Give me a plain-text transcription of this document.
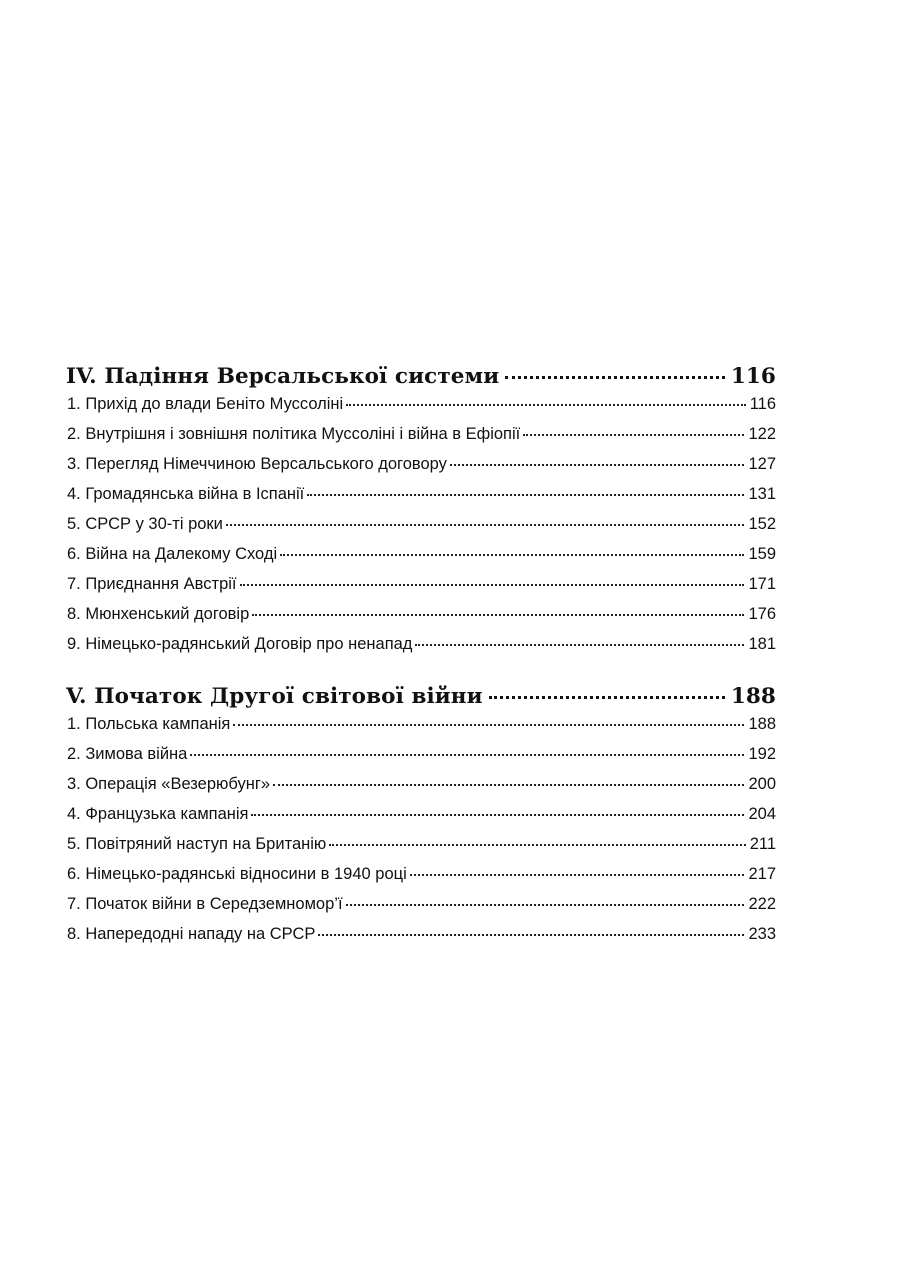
IV. Падіння Версальської системи	116
1. Прихід до влади Беніто Муссоліні	116
2. Внутрішня і зовнішня політика Муссоліні і війна в Ефіопії	122
3. Перегляд Німеччиною Версальського договору	127
4. Громадянська війна в Іспанії	131
5. СРСР у 30-ті роки	152
6. Війна на Далекому Сході	159
7. Приєднання Австрії	171
8. Мюнхенський договір	176
9. Німецько-радянський Договір про ненапад	181
V. Початок Другої світової війни	188
1. Польська кампанія	188
2. Зимова війна	192
3. Операція «Везерюбунг»	200
4. Французька кампанія	204
5. Повітряний наступ на Британію	211
6. Німецько-радянські відносини в 1940 році	217
7. Початок війни в Середземномор’ї	222
8. Напередодні нападу на СРСР	233
